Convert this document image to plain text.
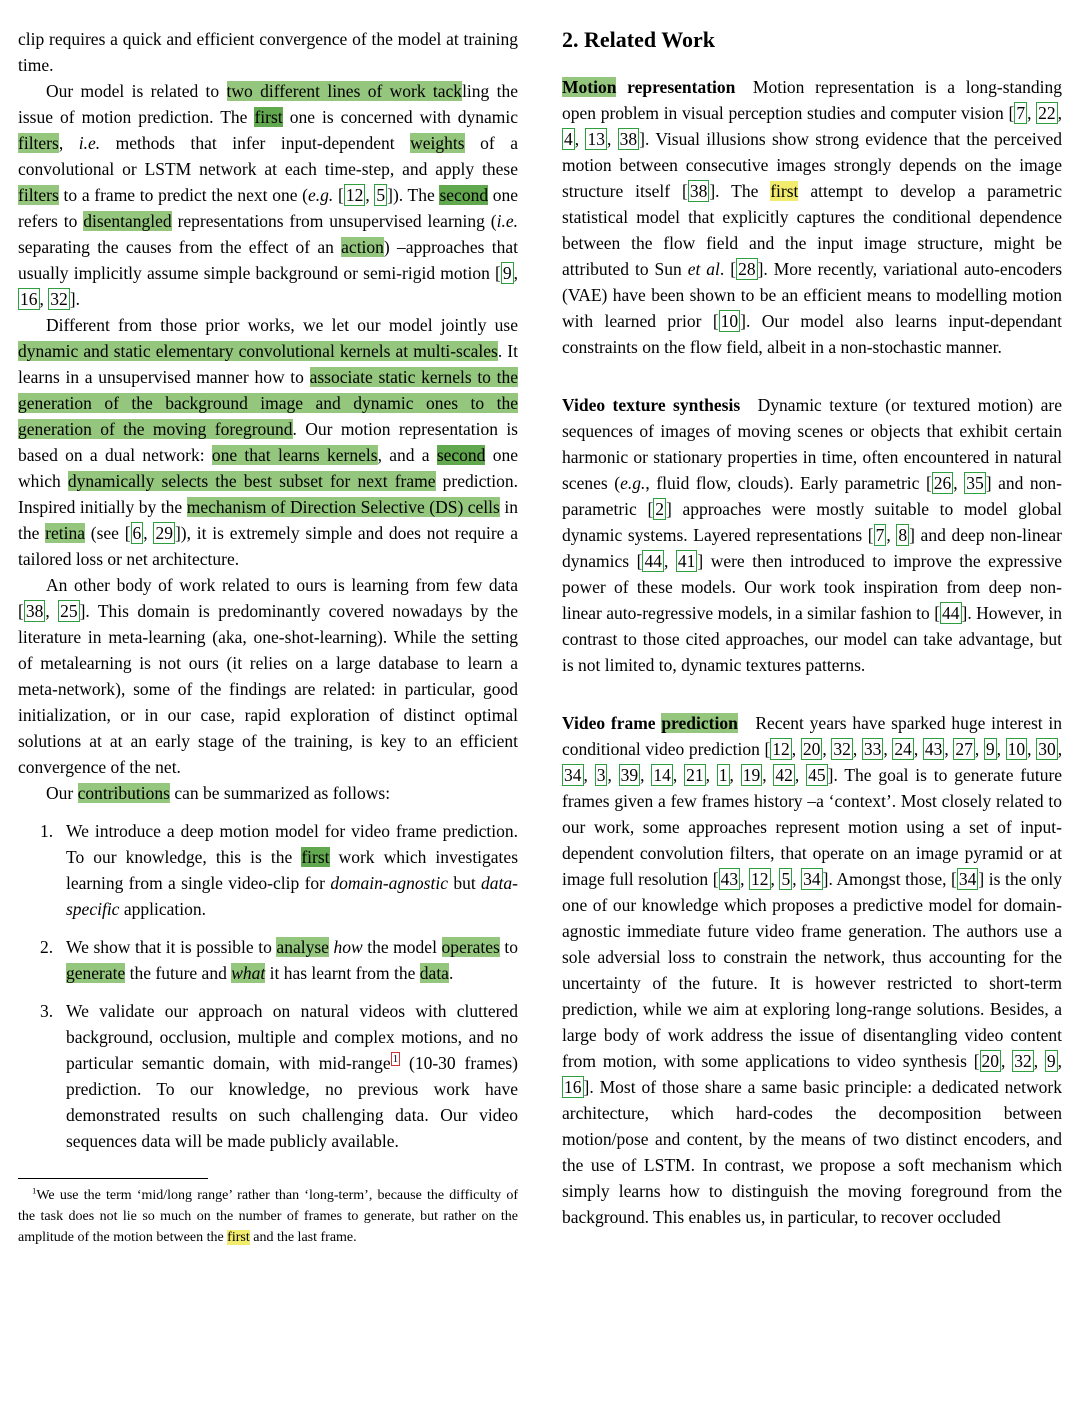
clip requires a quick and efficient convergence of the model at training time.

Our model is related to two different lines of work tackling the issue of motion prediction. The first one is concerned with dynamic filters, i.e. methods that infer input-dependent weights of a convolutional or LSTM network at each time-step, and apply these filters to a frame to predict the next one (e.g. [ 12 , 5 ]). The second one refers to disentangled representations from unsupervised learning (i.e. separating the causes from the effect of an action) –approaches that usually implicitly assume simple background or semi-rigid motion [ 9 , 16 , 32 ].

Different from those prior works, we let our model jointly use dynamic and static elementary convolutional kernels at multi-scales. It learns in a unsupervised manner how to associate static kernels to the generation of the background image and dynamic ones to the generation of the moving foreground. Our motion representation is based on a dual network: one that learns kernels, and a second one which dynamically selects the best subset for next frame prediction. Inspired initially by the mechanism of Direction Selective (DS) cells in the retina (see [ 6 , 29 ]), it is extremely simple and does not require a tailored loss or net architecture.

An other body of work related to ours is learning from few data [ 38 , 25 ]. This domain is predominantly covered nowadays by the literature in meta-learning (aka, one-shot-learning). While the setting of metalearning is not ours (it relies on a large database to learn a meta-network), some of the findings are related: in particular, good initialization, or in our case, rapid exploration of distinct optimal solutions at at an early stage of the training, is key to an efficient convergence of the net.

Our contributions can be summarized as follows:

1. We introduce a deep motion model for video frame prediction. To our knowledge, this is the first work which investigates learning from a single video-clip for domain-agnostic but data-specific application.
2. We show that it is possible to analyse how the model operates to generate the future and what it has learnt from the data.
3. We validate our approach on natural videos with cluttered background, occlusion, multiple and complex motions, and no particular semantic domain, with mid-range $^1$ (10-30 frames) prediction. To our knowledge, no previous work have demonstrated results on such challenging data. Our video sequences data will be made publicly available.

$^1$We use the term ‘mid/long range’ rather than ‘long-term’, because the difficulty of the task does not lie so much on the number of frames to generate, but rather on the amplitude of the motion between the first and the last frame.

2. Related Work

Motion representation  Motion representation is a long-standing open problem in visual perception studies and computer vision [ 7 , 22 , 4 , 13 , 38 ]. Visual illusions show strong evidence that the perceived motion between consecutive images strongly depends on the image structure itself [ 38 ]. The first attempt to develop a parametric statistical model that explicitly captures the conditional dependence between the flow field and the input image structure, might be attributed to Sun et al. [ 28 ]. More recently, variational auto-encoders (VAE) have been shown to be an efficient means to modelling motion with learned prior [ 10 ]. Our model also learns input-dependant constraints on the flow field, albeit in a non-stochastic manner.

Video texture synthesis  Dynamic texture (or textured motion) are sequences of images of moving scenes or objects that exhibit certain harmonic or stationary properties in time, often encountered in natural scenes (e.g., fluid flow, clouds). Early parametric [ 26 , 35 ] and non-parametric [ 2 ] approaches were mostly suitable to model global dynamic systems. Layered representations [ 7 , 8 ] and deep non-linear dynamics [ 44 , 41 ] were then introduced to improve the expressive power of these models. Our work took inspiration from deep non-linear auto-regressive models, in a similar fashion to [ 44 ]. However, in contrast to those cited approaches, our model can take advantage, but is not limited to, dynamic textures patterns.

Video frame prediction  Recent years have sparked huge interest in conditional video prediction [ 12 , 20 , 32 , 33 , 24 , 43 , 27 , 9 , 10 , 30 , 34 , 3 , 39 , 14 , 21 , 1 , 19 , 42 , 45 ]. The goal is to generate future frames given a few frames history –a ‘context’. Most closely related to our work, some approaches represent motion using a set of input-dependent convolution filters, that operate on an image pyramid or at image full resolution [ 43 , 12 , 5 , 34 ]. Amongst those, [ 34 ] is the only one of our knowledge which proposes a predictive model for domain-agnostic immediate future video frame generation. The authors use a sole adversial loss to constrain the network, thus accounting for the uncertainty of the future. It is however restricted to short-term prediction, while we aim at exploring long-range solutions. Besides, a large body of work address the issue of disentangling video content from motion, with some applications to video synthesis [ 20 , 32 , 9 , 16 ]. Most of those share a same basic principle: a dedicated network architecture, which hard-codes the decomposition between motion/pose and content, by the means of two distinct encoders, and the use of LSTM. In contrast, we propose a soft mechanism which simply learns how to distinguish the moving foreground from the background. This enables us, in particular, to recover occluded
